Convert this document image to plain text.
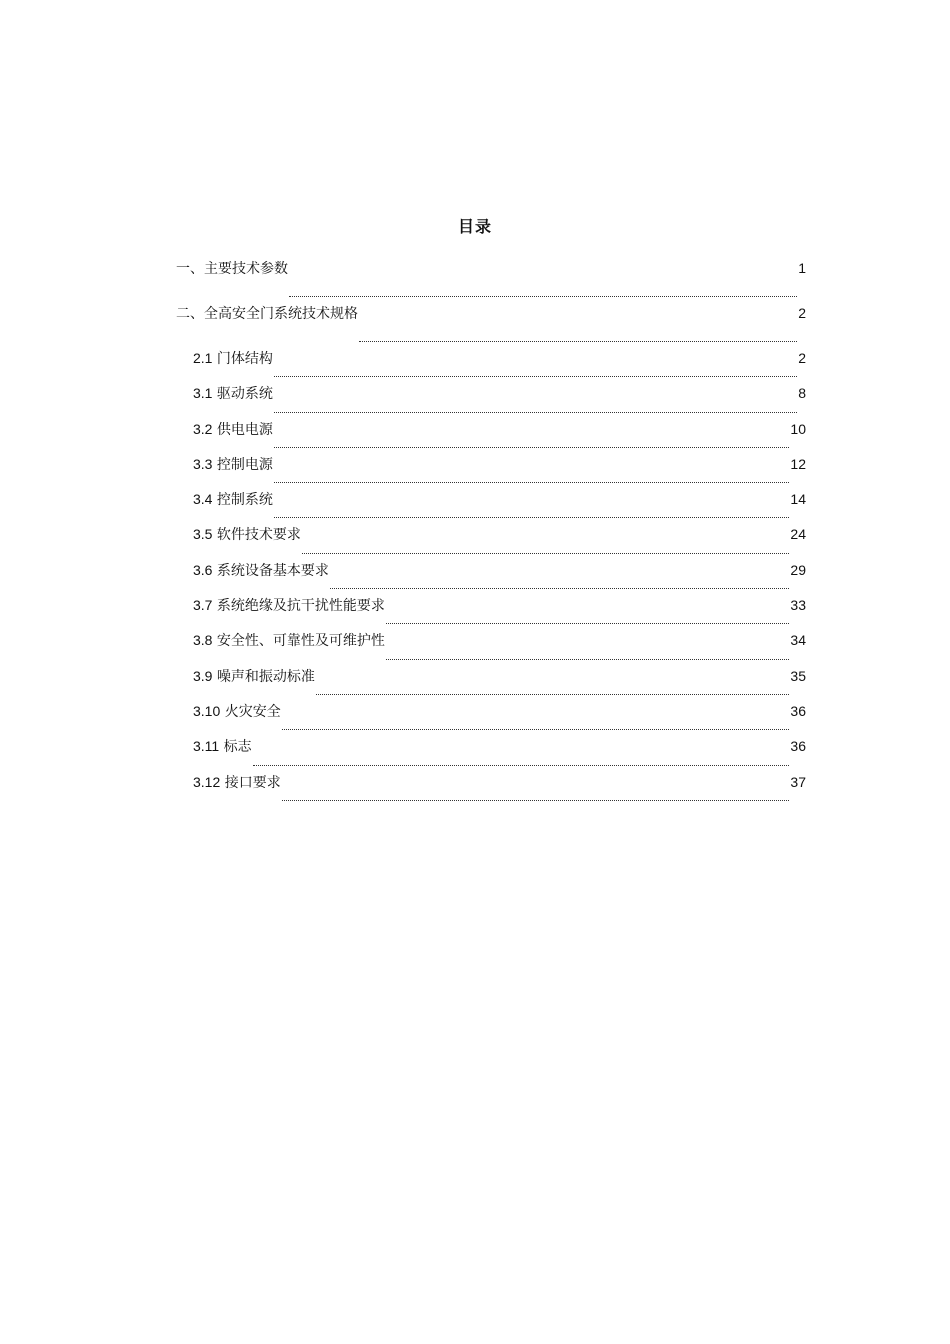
目录
一、主要技术参数	1
二、全高安全门系统技术规格	2
2.1 门体结构	2
3.1 驱动系统	8
3.2 供电电源	10
3.3 控制电源	12
3.4 控制系统	14
3.5 软件技术要求	24
3.6 系统设备基本要求	29
3.7 系统绝缘及抗干扰性能要求	33
3.8 安全性、可靠性及可维护性	34
3.9 噪声和振动标准	35
3.10 火灾安全	36
3.11 标志	36
3.12 接口要求	37
